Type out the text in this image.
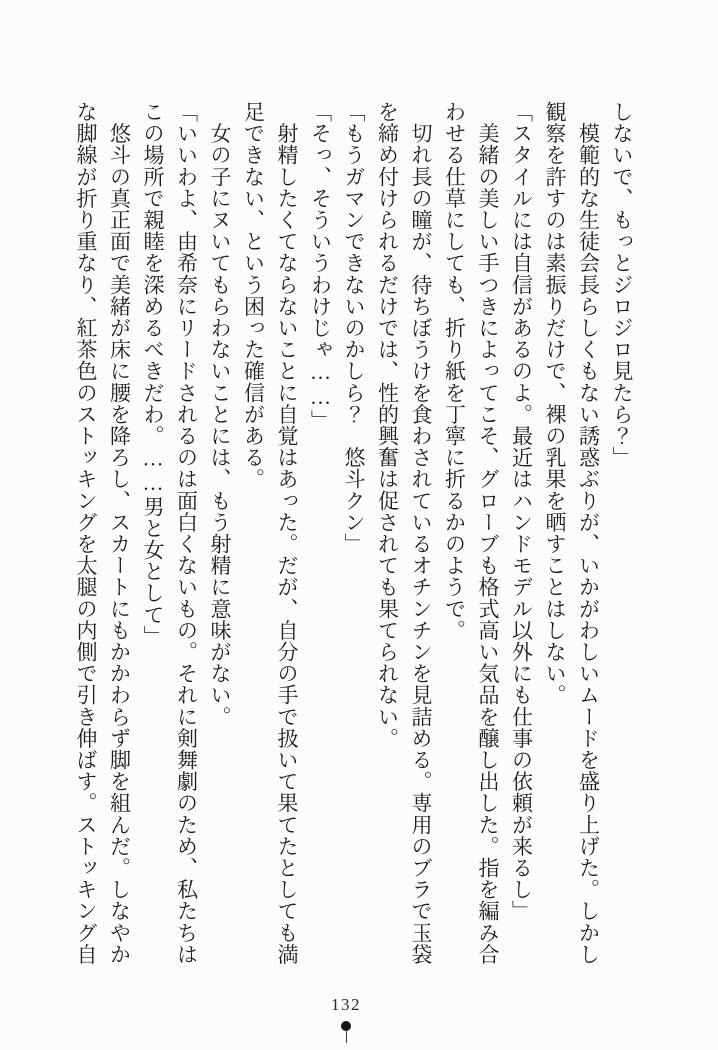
しないで、もっとジロジロ見たら？」

　模範的な生徒会長らしくもない誘惑ぶりが、いかがわしいムードを盛り上げた。しかし観察を許すのは素振りだけで、裸の乳果を晒すことはしない。

「スタイルには自信があるのよ。最近はハンドモデル以外にも仕事の依頼が来るし」

　美緒の美しい手つきによってこそ、グローブも格式高い気品を醸し出した。指を編み合わせる仕草にしても、折り紙を丁寧に折るかのようで。

　切れ長の瞳が、待ちぼうけを食わされているオチンチンを見詰める。専用のブラで玉袋を締め付けられるだけでは、性的興奮は促されても果てられない。

「もうガマンできないのかしら？　悠斗クン」

「そっ、そういうわけじゃ……」

　射精したくてならないことに自覚はあった。だが、自分の手で扱いて果てたとしても満足できない、という困った確信がある。

　女の子にヌいてもらわないことには、もう射精に意味がない。

「いいわよ、由希奈にリードされるのは面白くないもの。それに剣舞劇のため、私たちはこの場所で親睦を深めるべきだわ。……男と女として」

　悠斗の真正面で美緒が床に腰を降ろし、スカートにもかかわらず脚を組んだ。しなやかな脚線が折り重なり、紅茶色のストッキングを太腿の内側で引き伸ばす。ストッキング自

132
